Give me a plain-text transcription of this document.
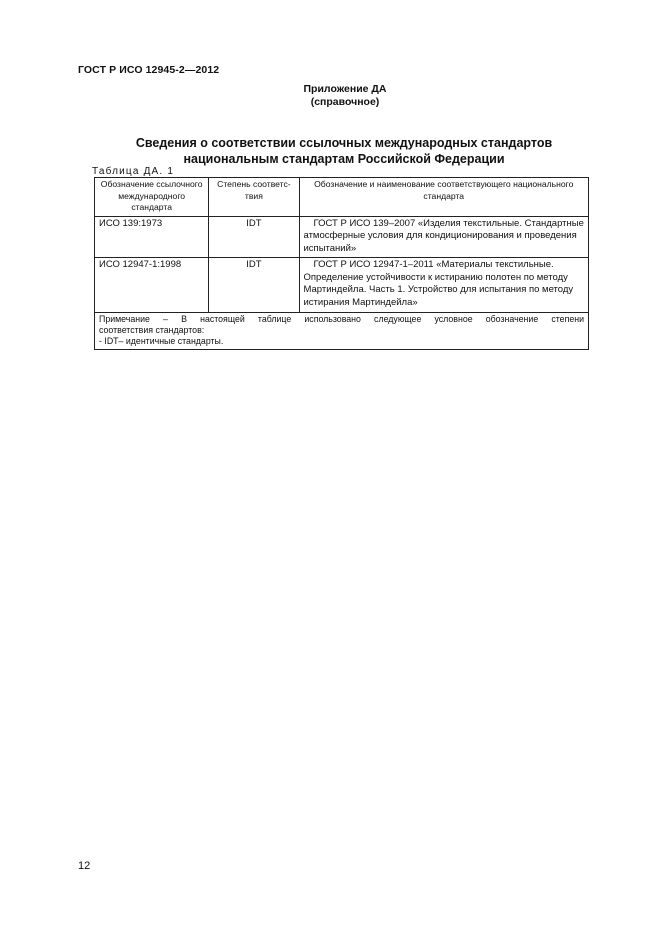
ГОСТ Р ИСО 12945-2—2012
Приложение ДА
(справочное)
Сведения о соответствии ссылочных международных стандартов
национальным стандартам Российской Федерации
Таблица ДА. 1
Обозначение ссылочного международного стандарта	Степень соответс-твия	Обозначение и наименование соответствующего национального стандарта
ИСО 139:1973	IDT	ГОСТ Р ИСО 139–2007 «Изделия текстильные. Стандартные атмосферные условия для кондиционирования и проведения испытаний»
ИСО 12947-1:1998	IDT	ГОСТ Р ИСО 12947-1–2011 «Материалы текстильные. Определение устойчивости к истиранию полотен по методу Мартиндейла. Часть 1. Устройство для испытания по методу истирания Мартиндейла»

Примечание – В настоящей таблице использовано следующее условное обозначение степени
соответствия стандартов:
- IDT– идентичные стандарты.		
12
